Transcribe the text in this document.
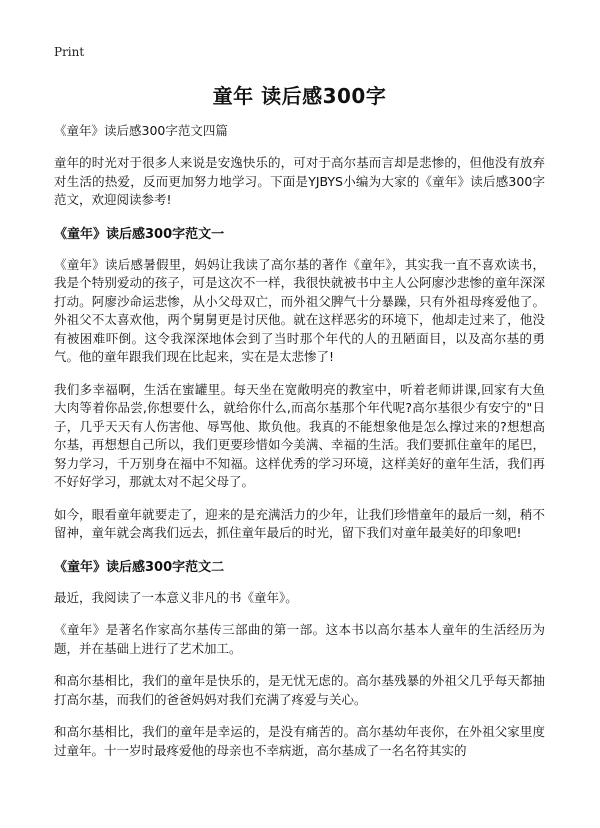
Print
童年 读后感300字
《童年》读后感300字范文四篇

童年的时光对于很多人来说是安逸快乐的，可对于高尔基而言却是悲惨的，但他没有放弃对生活的热爱，反而更加努力地学习。下面是YJBYS小编为大家的《童年》读后感300字范文，欢迎阅读参考!

《童年》读后感300字范文一

《童年》读后感暑假里，妈妈让我读了高尔基的著作《童年》，其实我一直不喜欢读书，我是个特别爱动的孩子，可是这次不一样，我很快就被书中主人公阿廖沙悲惨的童年深深打动。阿廖沙命运悲惨，从小父母双亡，而外祖父脾气十分暴躁，只有外祖母疼爱他了。外祖父不太喜欢他，两个舅舅更是讨厌他。就在这样恶劣的环境下，他却走过来了，他没有被困难吓倒。这令我深深地体会到了当时那个年代的人的丑陋面目，以及高尔基的勇气。他的童年跟我们现在比起来，实在是太悲惨了!

我们多幸福啊，生活在蜜罐里。每天坐在宽敞明亮的教室中，听着老师讲课,回家有大鱼大肉等着你品尝,你想要什么，就给你什么,而高尔基那个年代呢?高尔基很少有安宁的"日子，几乎天天有人伤害他、辱骂他、欺负他。我真的不能想象他是怎么撑过来的?想想高尔基，再想想自己所以，我们更要珍惜如今美满、幸福的生活。我们要抓住童年的尾巴，努力学习，千万别身在福中不知福。这样优秀的学习环境，这样美好的童年生活，我们再不好好学习，那就太对不起父母了。

如今，眼看童年就要走了，迎来的是充满活力的少年，让我们珍惜童年的最后一刻，稍不留神，童年就会离我们远去，抓住童年最后的时光，留下我们对童年最美好的印象吧!

《童年》读后感300字范文二

最近，我阅读了一本意义非凡的书《童年》。

《童年》是著名作家高尔基传三部曲的第一部。这本书以高尔基本人童年的生活经历为题，并在基础上进行了艺术加工。

和高尔基相比，我们的童年是快乐的，是无忧无虑的。高尔基残暴的外祖父几乎每天都抽打高尔基，而我们的爸爸妈妈对我们充满了疼爱与关心。

和高尔基相比，我们的童年是幸运的，是没有痛苦的。高尔基幼年丧你，在外祖父家里度过童年。十一岁时最疼爱他的母亲也不幸病逝，高尔基成了一名名符其实的
